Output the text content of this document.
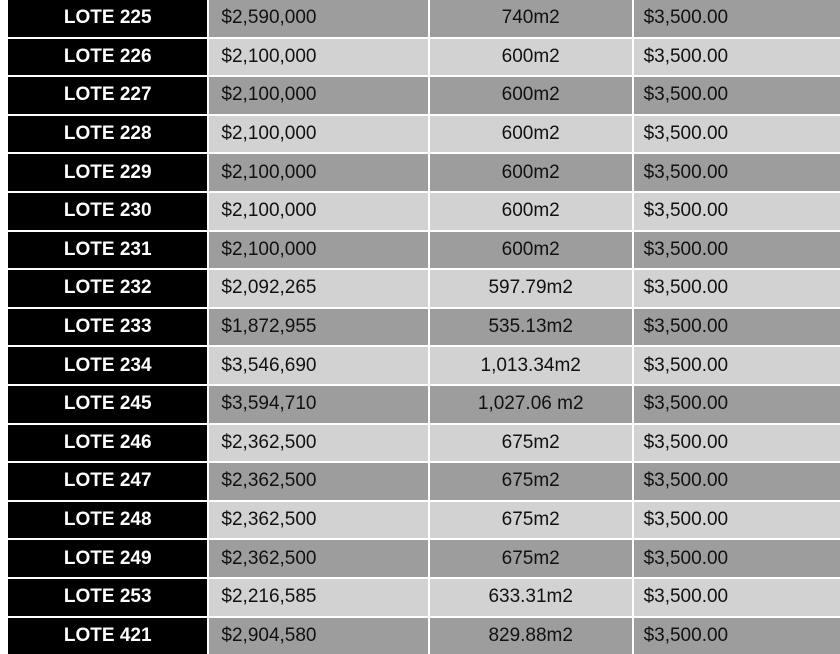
LOTE 225	$2,590,000	740m2	$3,500.00
LOTE 226	$2,100,000	600m2	$3,500.00
LOTE 227	$2,100,000	600m2	$3,500.00
LOTE 228	$2,100,000	600m2	$3,500.00
LOTE 229	$2,100,000	600m2	$3,500.00
LOTE 230	$2,100,000	600m2	$3,500.00
LOTE 231	$2,100,000	600m2	$3,500.00
LOTE 232	$2,092,265	597.79m2	$3,500.00
LOTE 233	$1,872,955	535.13m2	$3,500.00
LOTE 234	$3,546,690	1,013.34m2	$3,500.00
LOTE 245	$3,594,710	1,027.06 m2	$3,500.00
LOTE 246	$2,362,500	675m2	$3,500.00
LOTE 247	$2,362,500	675m2	$3,500.00
LOTE 248	$2,362,500	675m2	$3,500.00
LOTE 249	$2,362,500	675m2	$3,500.00
LOTE 253	$2,216,585	633.31m2	$3,500.00
LOTE 421	$2,904,580	829.88m2	$3,500.00
